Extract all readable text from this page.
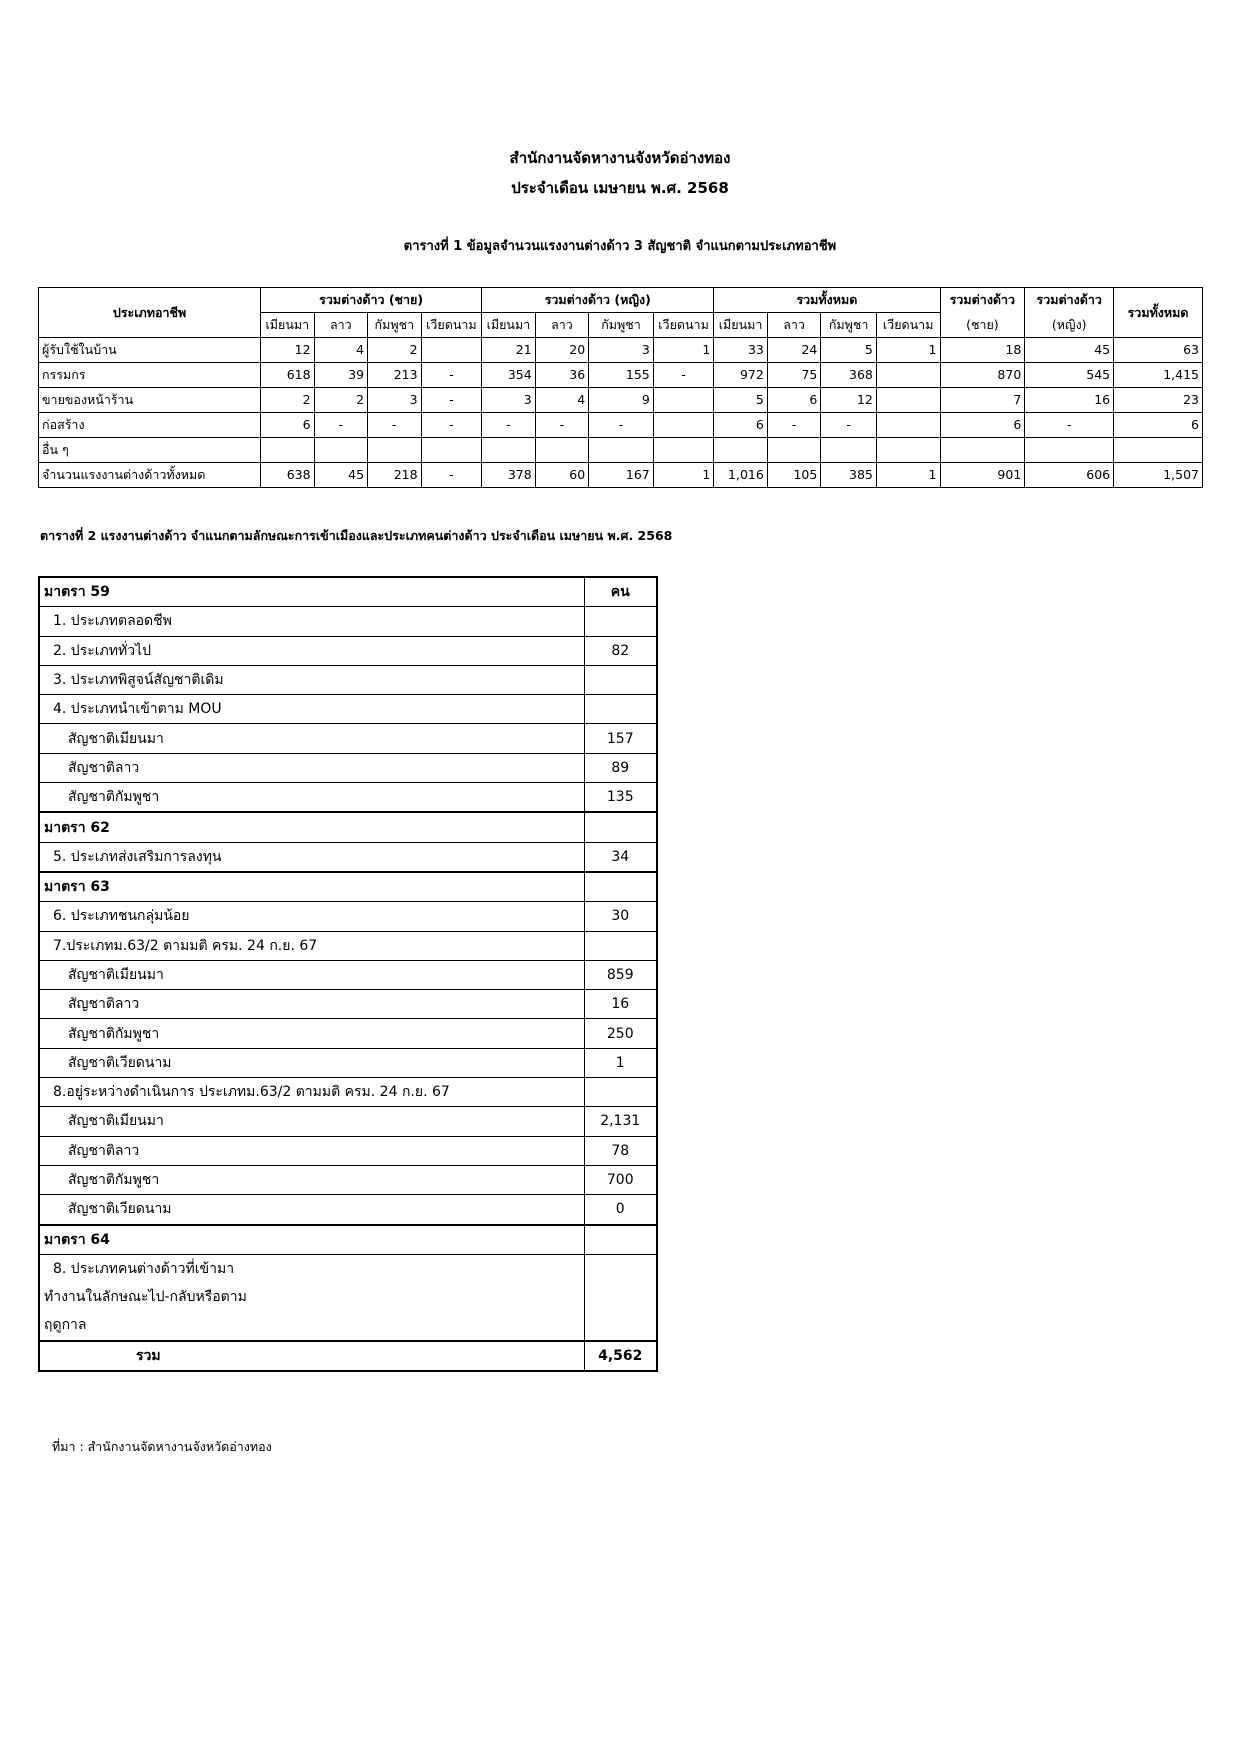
สำนักงานจัดหางานจังหวัดอ่างทอง
ประจำเดือน เมษายน พ.ศ. 2568
ตารางที่ 1 ข้อมูลจำนวนแรงงานต่างด้าว 3 สัญชาติ จำแนกตามประเภทอาชีพ
ประเภทอาชีพ	รวมต่างด้าว (ชาย)				รวมต่างด้าว (หญิง)				รวมทั้งหมด				รวมต่างด้าว	รวมต่างด้าว	รวมทั้งหมด
	เมียนมา	ลาว	กัมพูชา	เวียดนาม	เมียนมา	ลาว	กัมพูชา	เวียดนาม	เมียนมา	ลาว	กัมพูชา	เวียดนาม	(ชาย)	(หญิง)	
ผู้รับใช้ในบ้าน	12	4	2		21	20	3	1	33	24	5	1	18	45	63
กรรมกร	618	39	213	-	354	36	155	-	972	75	368		870	545	1,415
ขายของหน้าร้าน	2	2	3	-	3	4	9		5	6	12		7	16	23
ก่อสร้าง	6	-	-	-	-	-	-		6	-	-		6	-	6
อื่น ๆ															
จำนวนแรงงานต่างด้าวทั้งหมด	638	45	218	-	378	60	167	1	1,016	105	385	1	901	606	1,507
ตารางที่ 2 แรงงานต่างด้าว จำแนกตามลักษณะการเข้าเมืองและประเภทคนต่างด้าว ประจำเดือน เมษายน พ.ศ. 2568
มาตรา 59	คน
1. ประเภทตลอดชีพ	
2. ประเภททั่วไป	82
3. ประเภทพิสูจน์สัญชาติเดิม	
4. ประเภทนำเข้าตาม MOU	
สัญชาติเมียนมา	157
สัญชาติลาว	89
สัญชาติกัมพูชา	135
มาตรา 62	
5. ประเภทส่งเสริมการลงทุน	34
มาตรา 63	
6. ประเภทชนกลุ่มน้อย	30
7.ประเภทม.63/2 ตามมติ ครม. 24 ก.ย. 67	
สัญชาติเมียนมา	859
สัญชาติลาว	16
สัญชาติกัมพูชา	250
สัญชาติเวียดนาม	1
8.อยู่ระหว่างดำเนินการ ประเภทม.63/2 ตามมติ ครม. 24 ก.ย. 67	
สัญชาติเมียนมา	2,131
สัญชาติลาว	78
สัญชาติกัมพูชา	700
สัญชาติเวียดนาม	0
มาตรา 64	

8. ประเภทคนต่างด้าวที่เข้ามา
ทำงานในลักษณะไป-กลับหรือตาม
ฤดูกาล	

รวม	4,562
ที่มา : สำนักงานจัดหางานจังหวัดอ่างทอง
